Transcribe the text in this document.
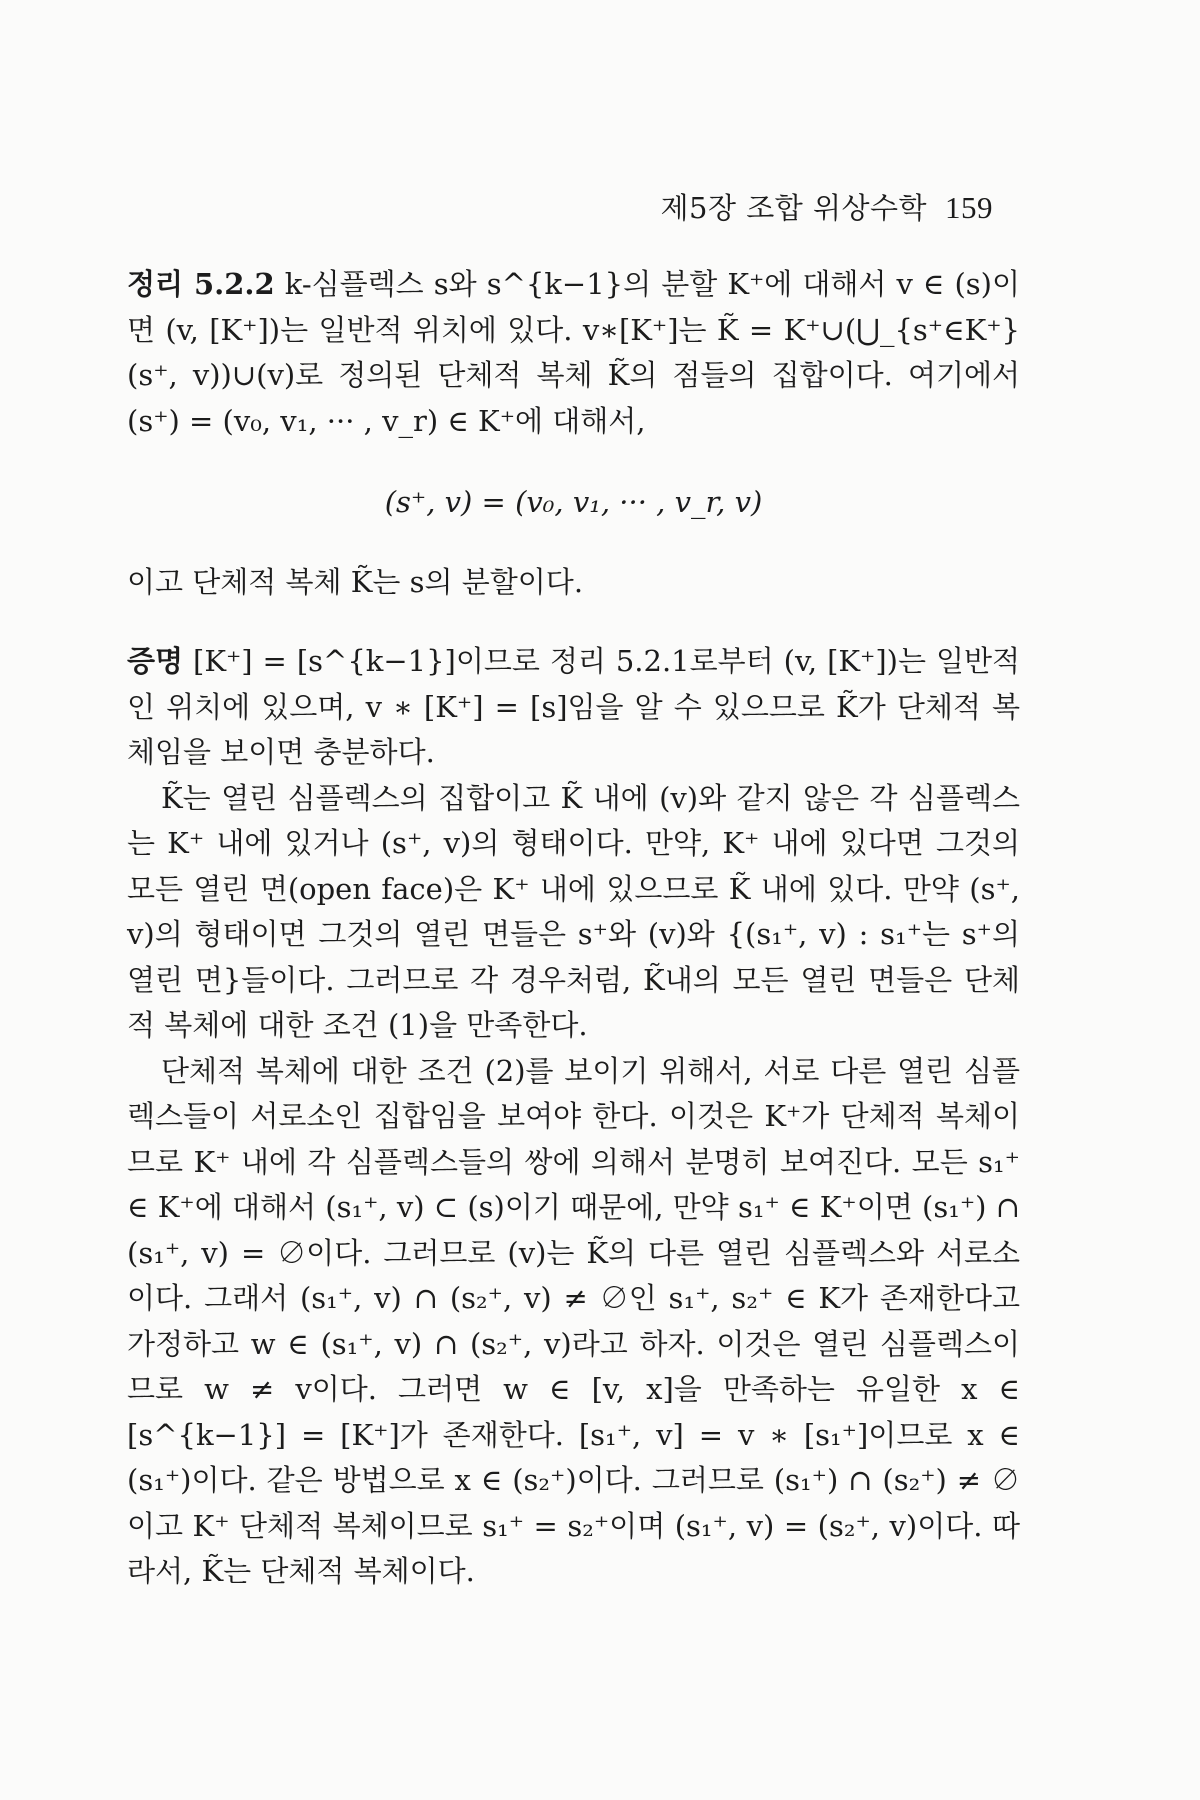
제5장 조합 위상수학 159

정리 5.2.2 k-심플렉스 s와 s^{k−1}의 분할 K⁺에 대해서 v ∈ (s)이면 (v, [K⁺])는 일반적 위치에 있다. v∗[K⁺]는 K̃ = K⁺∪(⋃_{s⁺∈K⁺}(s⁺, v))∪(v)로 정의된 단체적 복체 K̃의 점들의 집합이다. 여기에서 (s⁺) = (v₀, v₁, ··· , v_r) ∈ K⁺에 대해서,

(s⁺, v) = (v₀, v₁, ··· , v_r, v)

이고 단체적 복체 K̃는 s의 분할이다.

증명 [K⁺] = [s^{k−1}]이므로 정리 5.2.1로부터 (v, [K⁺])는 일반적인 위치에 있으며, v ∗ [K⁺] = [s]임을 알 수 있으므로 K̃가 단체적 복체임을 보이면 충분하다.

K̃는 열린 심플렉스의 집합이고 K̃ 내에 (v)와 같지 않은 각 심플렉스는 K⁺ 내에 있거나 (s⁺, v)의 형태이다. 만약, K⁺ 내에 있다면 그것의 모든 열린 면(open face)은 K⁺ 내에 있으므로 K̃ 내에 있다. 만약 (s⁺, v)의 형태이면 그것의 열린 면들은 s⁺와 (v)와 {(s₁⁺, v) : s₁⁺는 s⁺의 열린 면}들이다. 그러므로 각 경우처럼, K̃내의 모든 열린 면들은 단체적 복체에 대한 조건 (1)을 만족한다.

단체적 복체에 대한 조건 (2)를 보이기 위해서, 서로 다른 열린 심플렉스들이 서로소인 집합임을 보여야 한다. 이것은 K⁺가 단체적 복체이므로 K⁺ 내에 각 심플렉스들의 쌍에 의해서 분명히 보여진다. 모든 s₁⁺ ∈ K⁺에 대해서 (s₁⁺, v) ⊂ (s)이기 때문에, 만약 s₁⁺ ∈ K⁺이면 (s₁⁺) ∩ (s₁⁺, v) = ∅이다. 그러므로 (v)는 K̃의 다른 열린 심플렉스와 서로소이다. 그래서 (s₁⁺, v) ∩ (s₂⁺, v) ≠ ∅인 s₁⁺, s₂⁺ ∈ K가 존재한다고 가정하고 w ∈ (s₁⁺, v) ∩ (s₂⁺, v)라고 하자. 이것은 열린 심플렉스이므로 w ≠ v이다. 그러면 w ∈ [v, x]을 만족하는 유일한 x ∈ [s^{k−1}] = [K⁺]가 존재한다. [s₁⁺, v] = v ∗ [s₁⁺]이므로 x ∈ (s₁⁺)이다. 같은 방법으로 x ∈ (s₂⁺)이다. 그러므로 (s₁⁺) ∩ (s₂⁺) ≠ ∅이고 K⁺ 단체적 복체이므로 s₁⁺ = s₂⁺이며 (s₁⁺, v) = (s₂⁺, v)이다. 따라서, K̃는 단체적 복체이다.
